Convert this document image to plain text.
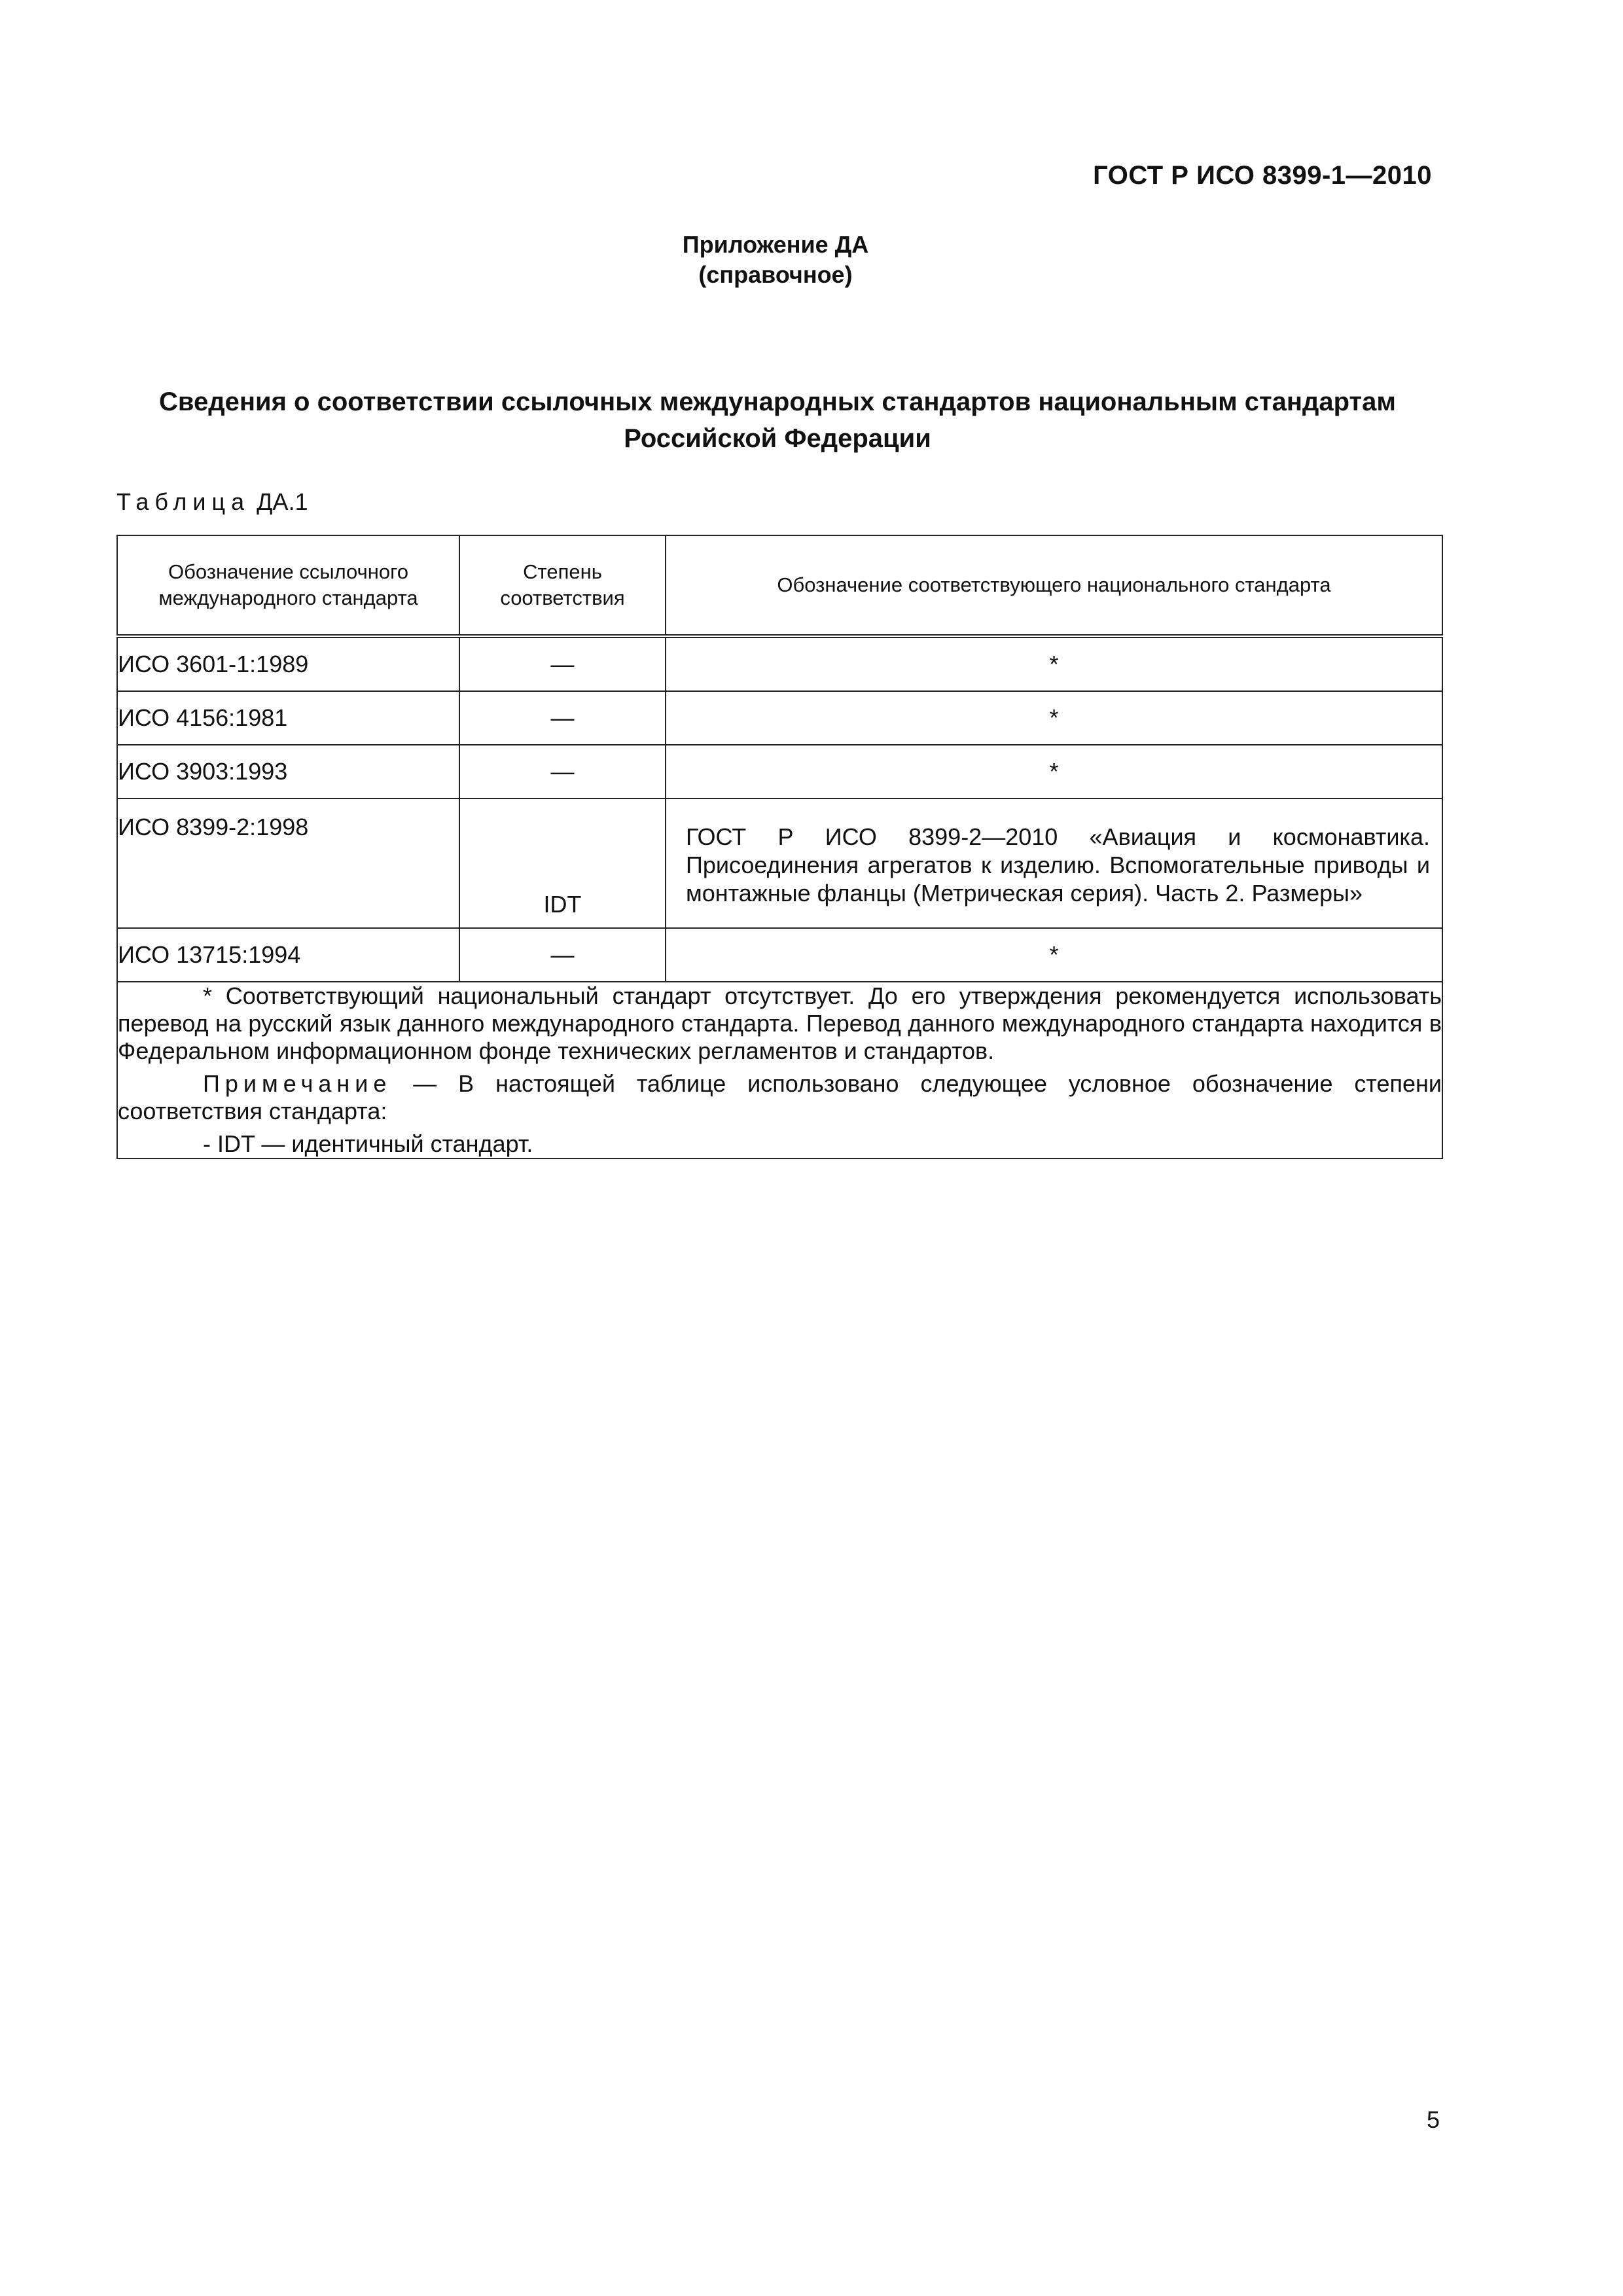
ГОСТ Р ИСО 8399-1—2010
Приложение ДА
(справочное)
Сведения о соответствии ссылочных международных стандартов национальным стандартам Российской Федерации
Таблица ДА.1
Обозначение ссылочного международного стандарта	Степень соответствия	Обозначение соответствующего национального стандарта
ИСО 3601-1:1989	—	*
ИСО 4156:1981	—	*
ИСО 3903:1993	—	*
ИСО 8399-2:1998	IDT	ГОСТ Р ИСО 8399-2—2010 «Авиация и космонавтика. Присоединения агрегатов к изделию. Вспомогательные приводы и монтажные фланцы (Метрическая серия). Часть 2. Размеры»
ИСО 13715:1994	—	*

* Соответствующий национальный стандарт отсутствует. До его утверждения рекомендуется использовать перевод на русский язык данного международного стандарта. Перевод данного международного стандарта находится в Федеральном информационном фонде технических регламентов и стандартов.

Примечание — В настоящей таблице использовано следующее условное обозначение степени соответствия стандарта:

- IDT — идентичный стандарт.		

5
